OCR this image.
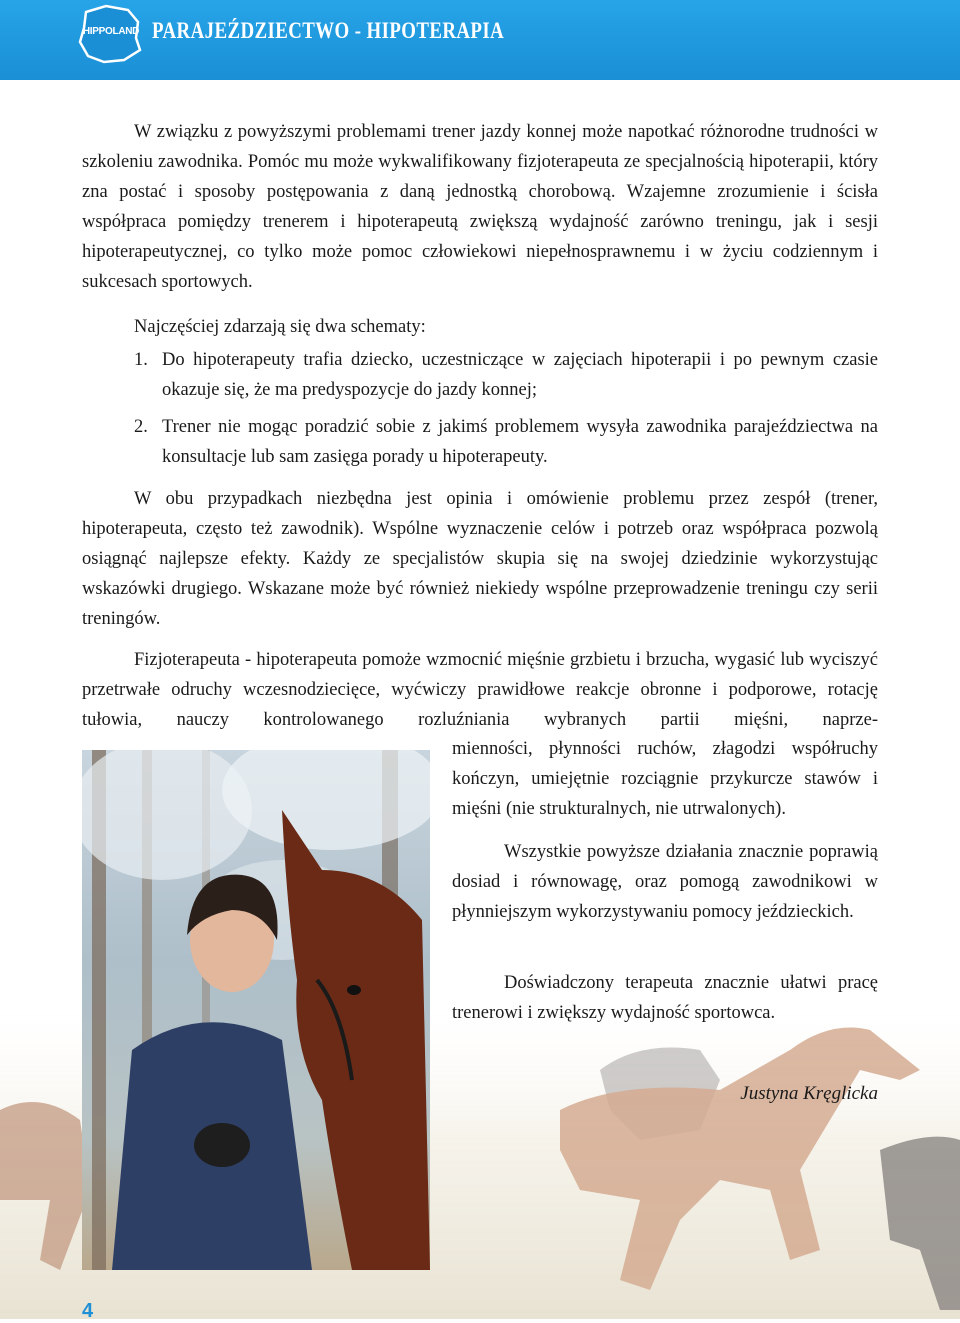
HIPPOLAND PARAJEŹDZIECTWO - HIPOTERAPIA

W związku z powyższymi problemami trener jazdy konnej może napotkać różnorodne trudności w szkoleniu zawodnika. Pomóc mu może wykwalifikowany fizjoterapeuta ze specjalnością hipoterapii, który zna postać i sposoby postępowania z daną jednostką chorobową. Wzajemne zrozumienie i ścisła współpraca pomiędzy trenerem i hipoterapeutą zwiększą wydajność zarówno treningu, jak i sesji hipoterapeutycznej, co tylko może pomoc człowiekowi niepełnosprawnemu i w życiu codziennym i sukcesach sportowych.

Najczęściej zdarzają się dwa schematy:

1. Do hipoterapeuty trafia dziecko, uczestniczące w zajęciach hipoterapii i po pewnym czasie okazuje się, że ma predyspozycje do jazdy konnej;
2. Trener nie mogąc poradzić sobie z jakimś problemem wysyła zawodnika parajeździectwa na konsultacje lub sam zasięga porady u hipoterapeuty.

W obu przypadkach niezbędna jest opinia i omówienie problemu przez zespół (trener, hipoterapeuta, często też zawodnik). Wspólne wyznaczenie celów i potrzeb oraz współpraca pozwolą osiągnąć najlepsze efekty. Każdy ze specjalistów skupia się na swojej dziedzinie wykorzystując wskazówki drugiego. Wskazane może być również niekiedy wspólne przeprowadzenie treningu czy serii treningów.

Fizjoterapeuta - hipoterapeuta pomoże wzmocnić mięśnie grzbietu i brzucha, wygasić lub wyciszyć przetrwałe odruchy wczesnodziecięce, wyćwiczy prawidłowe reakcje obronne i podporowe, rotację tułowia, nauczy kontrolowanego rozluźniania wybranych partii mięśni, naprze-

mienności, płynności ruchów, złagodzi współruchy kończyn, umiejętnie rozciągnie przykurcze stawów i mięśni (nie strukturalnych, nie utrwalonych).

Wszystkie powyższe działania znacznie poprawią dosiad i równowagę, oraz pomogą zawodnikowi w płynniejszym wykorzystywaniu pomocy jeździeckich.

Doświadczony terapeuta znacznie ułatwi pracę trenerowi i zwiększy wydajność sportowca.

Justyna Kręglicka
4
